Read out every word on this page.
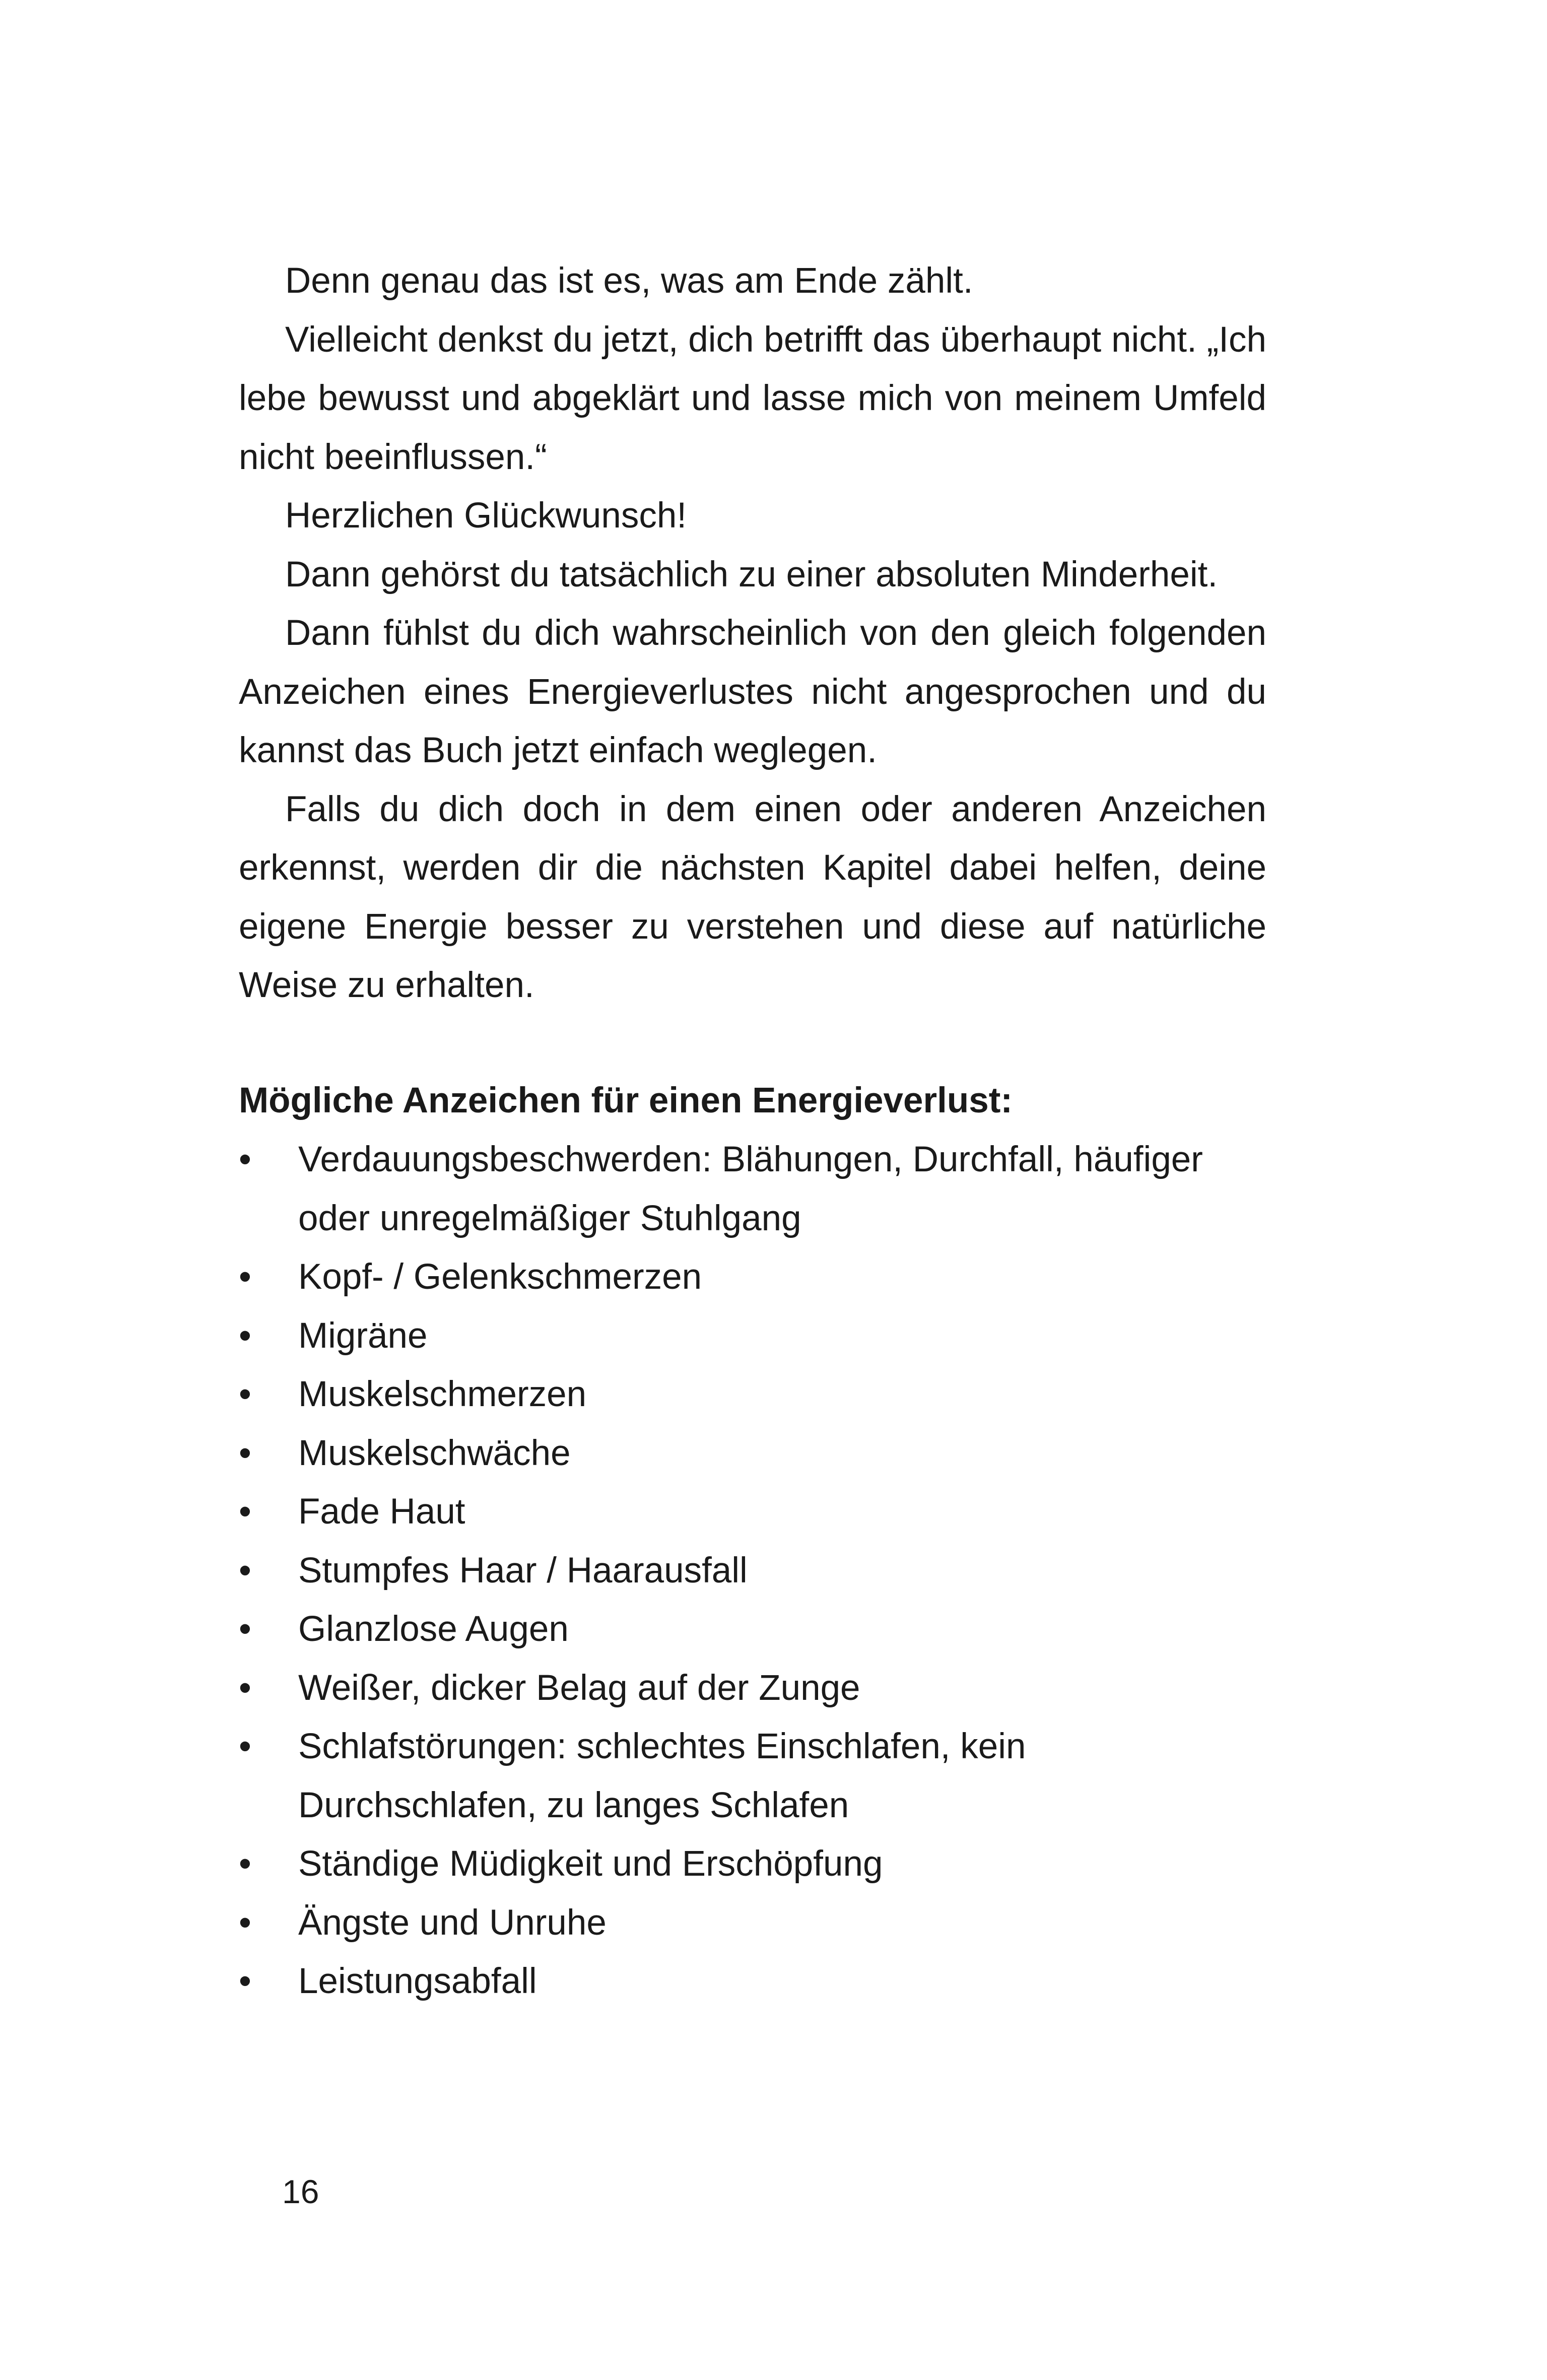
Denn genau das ist es, was am Ende zählt.

Vielleicht denkst du jetzt, dich betrifft das überhaupt nicht. „Ich lebe bewusst und abgeklärt und lasse mich von meinem Umfeld nicht beeinflussen.“

Herzlichen Glückwunsch!

Dann gehörst du tatsächlich zu einer absoluten Minderheit.

Dann fühlst du dich wahrscheinlich von den gleich folgenden Anzeichen eines Energieverlustes nicht angesprochen und du kannst das Buch jetzt einfach weglegen.

Falls du dich doch in dem einen oder anderen Anzeichen erkennst, werden dir die nächsten Kapitel dabei helfen, deine eigene Energie besser zu verstehen und diese auf natürliche Weise zu erhalten.

Mögliche Anzeichen für einen Energieverlust:
• Verdauungsbeschwerden: Blähungen, Durchfall, häufiger oder unregelmäßiger Stuhlgang
• Kopf- / Gelenkschmerzen
• Migräne
• Muskelschmerzen
• Muskelschwäche
• Fade Haut
• Stumpfes Haar / Haarausfall
• Glanzlose Augen
• Weißer, dicker Belag auf der Zunge
• Schlafstörungen: schlechtes Einschlafen, kein Durchschlafen, zu langes Schlafen
• Ständige Müdigkeit und Erschöpfung
• Ängste und Unruhe
• Leistungsabfall
16
